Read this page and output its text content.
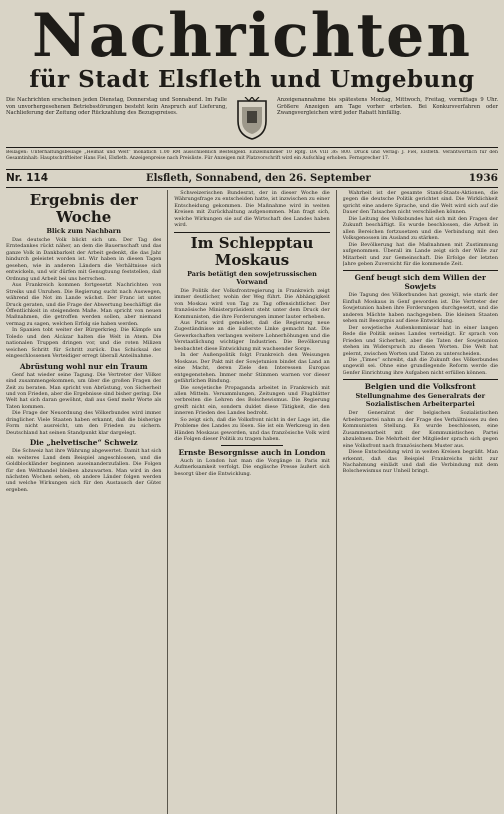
Nachrichten
für Stadt Elsfleth und Umgebung
Die Nachrichten erscheinen jeden Dienstag, Donnerstag und Sonnabend. Im Falle von unvorhergesehenen Betriebsstörungen besteht kein Anspruch auf Lieferung, Nachlieferung der Zeitung oder Rückzahlung des Bezugspreises.
Anzeigenannahme bis spätestens Montag, Mittwoch, Freitag, vormittags 9 Uhr. Größere Anzeigen am Tage vorher erbeten. Bei Konkursverfahren oder Zwangsvergleichen wird jeder Rabatt hinfällig.
Beilagen: Unterhaltungsbeilage „Heimat und Welt“ monatlich 1.00 RM ausschließlich Bestellgeld. Einzelnummer 10 Rpfg. DA VIII 36: 800. Druck und Verlag: J. Fiel, Elsfleth. Verantwortlich für den Gesamtinhalt: Hauptschriftleiter Hans Fiel, Elsfleth. Anzeigenpreise nach Preisliste. Für Anzeigen mit Platzvorschrift wird ein Aufschlag erhoben. Fernsprecher 17.
Nr. 114	Elsfleth, Sonnabend, den 26. September	1936
Ergebnis der Woche
Blick zum Nachbarn

Das deutsche Volk blickt sich um. Der Tag des Erntedankes rückt näher, an dem die Bauernschaft und das ganze Volk in Dankbarkeit der Arbeit gedenkt, die das Jahr hindurch geleistet worden ist. Wir haben in diesen Tagen gesehen, wie in anderen Ländern die Verhältnisse sich entwickeln, und wir dürfen mit Genugtuung feststellen, daß Ordnung und Arbeit bei uns herrschen.

Aus Frankreich kommen fortgesetzt Nachrichten von Streiks und Unruhen. Die Regierung sucht nach Auswegen, während die Not im Lande wächst. Der Franc ist unter Druck geraten, und die Frage der Abwertung beschäftigt die Öffentlichkeit in steigendem Maße. Man spricht von neuen Maßnahmen, die getroffen werden sollen, aber niemand vermag zu sagen, welchen Erfolg sie haben werden.

In Spanien tobt weiter der Bürgerkrieg. Die Kämpfe um Toledo und den Alcázar halten die Welt in Atem. Die nationalen Truppen dringen vor, und die roten Milizen weichen Schritt für Schritt zurück. Das Schicksal der eingeschlossenen Verteidiger erregt überall Anteilnahme.

Abrüstung wohl nur ein Traum

Genf hat wieder seine Tagung. Die Vertreter der Völker sind zusammengekommen, um über die großen Fragen der Zeit zu beraten. Man spricht von Abrüstung, von Sicherheit und von Frieden, aber die Ergebnisse sind bisher gering. Die Welt hat sich daran gewöhnt, daß aus Genf mehr Worte als Taten kommen.

Die Frage der Neuordnung des Völkerbundes wird immer dringlicher. Viele Staaten haben erkannt, daß die bisherige Form nicht ausreicht, um den Frieden zu sichern. Deutschland hat seinen Standpunkt klar dargelegt.

Die „helvetische“ Schweiz

Die Schweiz hat ihre Währung abgewertet. Damit hat sich ein weiteres Land dem Beispiel angeschlossen, und die Goldblockländer beginnen auseinanderzufallen. Die Folgen für den Welthandel bleiben abzuwarten. Man wird in den nächsten Wochen sehen, ob andere Länder folgen werden und welche Wirkungen sich für den Austausch der Güter ergeben.

Schweizerischen Bundesrat, der in dieser Woche die Währungsfrage zu entscheiden hatte, ist inzwischen zu einer Entscheidung gekommen. Die Maßnahme wird in weiten Kreisen mit Zurückhaltung aufgenommen. Man fragt sich, welche Wirkungen sie auf die Wirtschaft des Landes haben wird.

Im Schlepptau Moskaus
Paris betätigt den sowjetrussischen Vorwand

Die Politik der Volksfrontregierung in Frankreich zeigt immer deutlicher, wohin der Weg führt. Die Abhängigkeit von Moskau wird von Tag zu Tag offensichtlicher. Der französische Ministerpräsident steht unter dem Druck der Kommunisten, die ihre Forderungen immer lauter erheben.

Aus Paris wird gemeldet, daß die Regierung neue Zugeständnisse an die äußerste Linke gemacht hat. Die Gewerkschaften verlangen weitere Lohnerhöhungen und die Verstaatlichung wichtiger Industrien. Die Bevölkerung beobachtet diese Entwicklung mit wachsender Sorge.

In der Außenpolitik folgt Frankreich den Weisungen Moskaus. Der Pakt mit der Sowjetunion bindet das Land an eine Macht, deren Ziele den Interessen Europas entgegenstehen. Immer mehr Stimmen warnen vor dieser gefährlichen Bindung.

Die sowjetische Propaganda arbeitet in Frankreich mit allen Mitteln. Versammlungen, Zeitungen und Flugblätter verbreiten die Lehren des Bolschewismus. Die Regierung greift nicht ein, sondern duldet diese Tätigkeit, die den inneren Frieden des Landes bedroht.

So zeigt sich, daß die Volksfront nicht in der Lage ist, die Probleme des Landes zu lösen. Sie ist ein Werkzeug in den Händen Moskaus geworden, und das französische Volk wird die Folgen dieser Politik zu tragen haben.

Ernste Besorgnisse auch in London

Auch in London hat man die Vorgänge in Paris mit Aufmerksamkeit verfolgt. Die englische Presse äußert sich besorgt über die Entwicklung.

Wahrheit ist der gesamte Stand-Staats-Aktionen, die gegen die deutsche Politik gerichtet sind. Die Wirklichkeit spricht eine andere Sprache, und die Welt wird sich auf die Dauer den Tatsachen nicht verschließen können.

Die Leitung des Volksbundes hat sich mit den Fragen der Zukunft beschäftigt. Es wurde beschlossen, die Arbeit in allen Bereichen fortzusetzen und die Verbindung mit den Volksgenossen im Ausland zu stärken.

Die Bevölkerung hat die Maßnahmen mit Zustimmung aufgenommen. Überall im Lande zeigt sich der Wille zur Mitarbeit und zur Gemeinschaft. Die Erfolge der letzten Jahre geben Zuversicht für die kommende Zeit.

Genf beugt sich dem Willen der Sowjets

Die Tagung des Völkerbundes hat gezeigt, wie stark der Einfluß Moskaus in Genf geworden ist. Die Vertreter der Sowjetunion haben ihre Forderungen durchgesetzt, und die anderen Mächte haben nachgegeben. Die kleinen Staaten sehen mit Besorgnis auf diese Entwicklung.

Der sowjetische Außenkommissar hat in einer langen Rede die Politik seines Landes verteidigt. Er sprach von Frieden und Sicherheit, aber die Taten der Sowjetunion stehen im Widerspruch zu diesen Worten. Die Welt hat gelernt, zwischen Worten und Taten zu unterscheiden.

Die „Times“ schreibt, daß die Zukunft des Völkerbundes ungewiß sei. Ohne eine grundlegende Reform werde die Genfer Einrichtung ihre Aufgaben nicht erfüllen können.

Belgien und die Volksfront
Stellungnahme des Generalrats der Sozialistischen Arbeiterpartei

Der Generalrat der belgischen Sozialistischen Arbeiterpartei nahm zu der Frage des Verhältnisses zu den Kommunisten Stellung. Es wurde beschlossen, eine Zusammenarbeit mit der Kommunistischen Partei abzulehnen. Die Mehrheit der Mitglieder sprach sich gegen eine Volksfront nach französischem Muster aus.

Diese Entscheidung wird in weiten Kreisen begrüßt. Man erkennt, daß das Beispiel Frankreichs nicht zur Nachahmung einlädt und daß die Verbindung mit dem Bolschewismus nur Unheil bringt.
